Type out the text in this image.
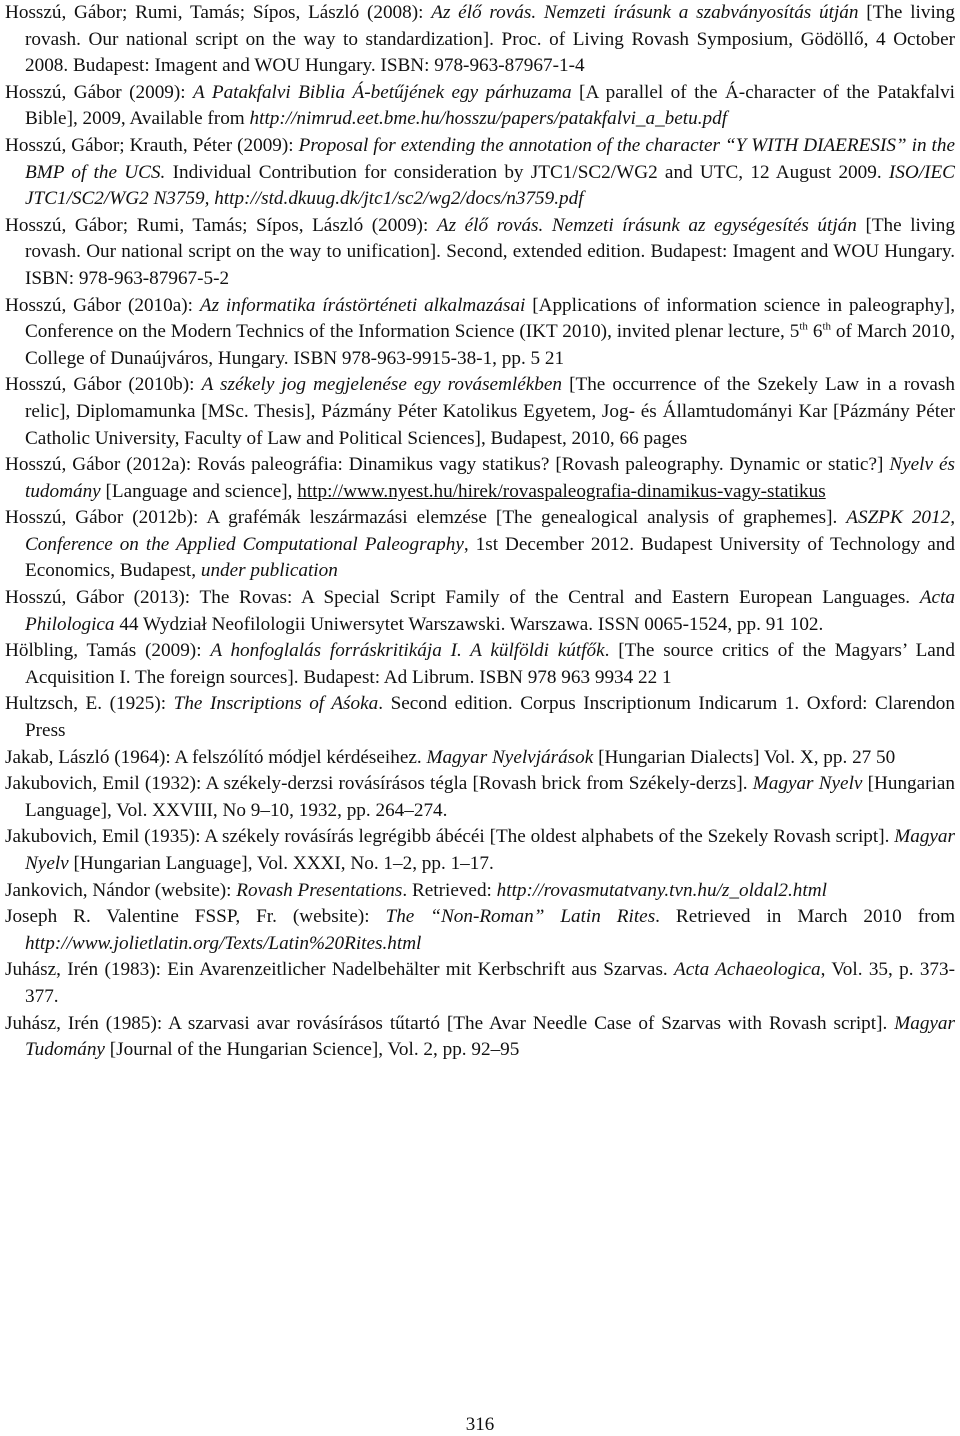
Hosszú, Gábor; Rumi, Tamás; Sípos, László (2008): Az élő rovás. Nemzeti írásunk a szabványosítás útján [The living rovash. Our national script on the way to standardization]. Proc. of Living Rovash Symposium, Gödöllő, 4 October 2008. Budapest: Imagent and WOU Hungary. ISBN: 978-963-87967-1-4

Hosszú, Gábor (2009): A Patakfalvi Biblia Á-betűjének egy párhuzama [A parallel of the Á-character of the Patakfalvi Bible], 2009, Available from http://nimrud.eet.bme.hu/hosszu/papers/patakfalvi_a_betu.pdf

Hosszú, Gábor; Krauth, Péter (2009): Proposal for extending the annotation of the character “Y WITH DIAERESIS” in the BMP of the UCS. Individual Contribution for consideration by JTC1/SC2/WG2 and UTC, 12 August 2009. ISO/IEC JTC1/SC2/WG2 N3759, http://std.dkuug.dk/jtc1/sc2/wg2/docs/n3759.pdf

Hosszú, Gábor; Rumi, Tamás; Sípos, László (2009): Az élő rovás. Nemzeti írásunk az egységesítés útján [The living rovash. Our national script on the way to unification]. Second, extended edition. Budapest: Imagent and WOU Hungary. ISBN: 978-963-87967-5-2

Hosszú, Gábor (2010a): Az informatika írástörténeti alkalmazásai [Applications of information science in paleography], Conference on the Modern Technics of the Information Science (IKT 2010), invited plenar lecture, 5th 6th of March 2010, College of Dunaújváros, Hungary. ISBN 978-963-9915-38-1, pp. 5 21

Hosszú, Gábor (2010b): A székely jog megjelenése egy rovásemlékben [The occurrence of the Szekely Law in a rovash relic], Diplomamunka [MSc. Thesis], Pázmány Péter Katolikus Egyetem, Jog- és Államtudományi Kar [Pázmány Péter Catholic University, Faculty of Law and Political Sciences], Budapest, 2010, 66 pages

Hosszú, Gábor (2012a): Rovás paleográfia: Dinamikus vagy statikus? [Rovash paleography. Dynamic or static?] Nyelv és tudomány [Language and science], http://www.nyest.hu/hirek/rovaspaleografia-dinamikus-vagy-statikus

Hosszú, Gábor (2012b): A grafémák leszármazási elemzése [The genealogical analysis of graphemes]. ASZPK 2012, Conference on the Applied Computational Paleography, 1st December 2012. Budapest University of Technology and Economics, Budapest, under publication

Hosszú, Gábor (2013): The Rovas: A Special Script Family of the Central and Eastern European Languages. Acta Philologica 44 Wydział Neofilologii Uniwersytet Warszawski. Warszawa. ISSN 0065-1524, pp. 91 102.

Hölbling, Tamás (2009): A honfoglalás forráskritikája I. A külföldi kútfők. [The source critics of the Magyars’ Land Acquisition I. The foreign sources]. Budapest: Ad Librum. ISBN 978 963 9934 22 1

Hultzsch, E. (1925): The Inscriptions of Aśoka. Second edition. Corpus Inscriptionum Indicarum 1. Oxford: Clarendon Press

Jakab, László (1964): A felszólító módjel kérdéseihez. Magyar Nyelvjárások [Hungarian Dialects] Vol. X, pp. 27 50

Jakubovich, Emil (1932): A székely-derzsi rovásírásos tégla [Rovash brick from Székely-derzs]. Magyar Nyelv [Hungarian Language], Vol. XXVIII, No 9–10, 1932, pp. 264–274.

Jakubovich, Emil (1935): A székely rovásírás legrégibb ábécéi [The oldest alphabets of the Szekely Rovash script]. Magyar Nyelv [Hungarian Language], Vol. XXXI, No. 1–2, pp. 1–17.

Jankovich, Nándor (website): Rovash Presentations. Retrieved: http://rovasmutatvany.tvn.hu/z_oldal2.html

Joseph R. Valentine FSSP, Fr. (website): The “Non-Roman” Latin Rites. Retrieved in March 2010 from http://www.jolietlatin.org/Texts/Latin%20Rites.html

Juhász, Irén (1983): Ein Avarenzeitlicher Nadelbehälter mit Kerbschrift aus Szarvas. Acta Achaeologica, Vol. 35, p. 373-377.

Juhász, Irén (1985): A szarvasi avar rovásírásos tűtartó [The Avar Needle Case of Szarvas with Rovash script]. Magyar Tudomány [Journal of the Hungarian Science], Vol. 2, pp. 92–95

316
